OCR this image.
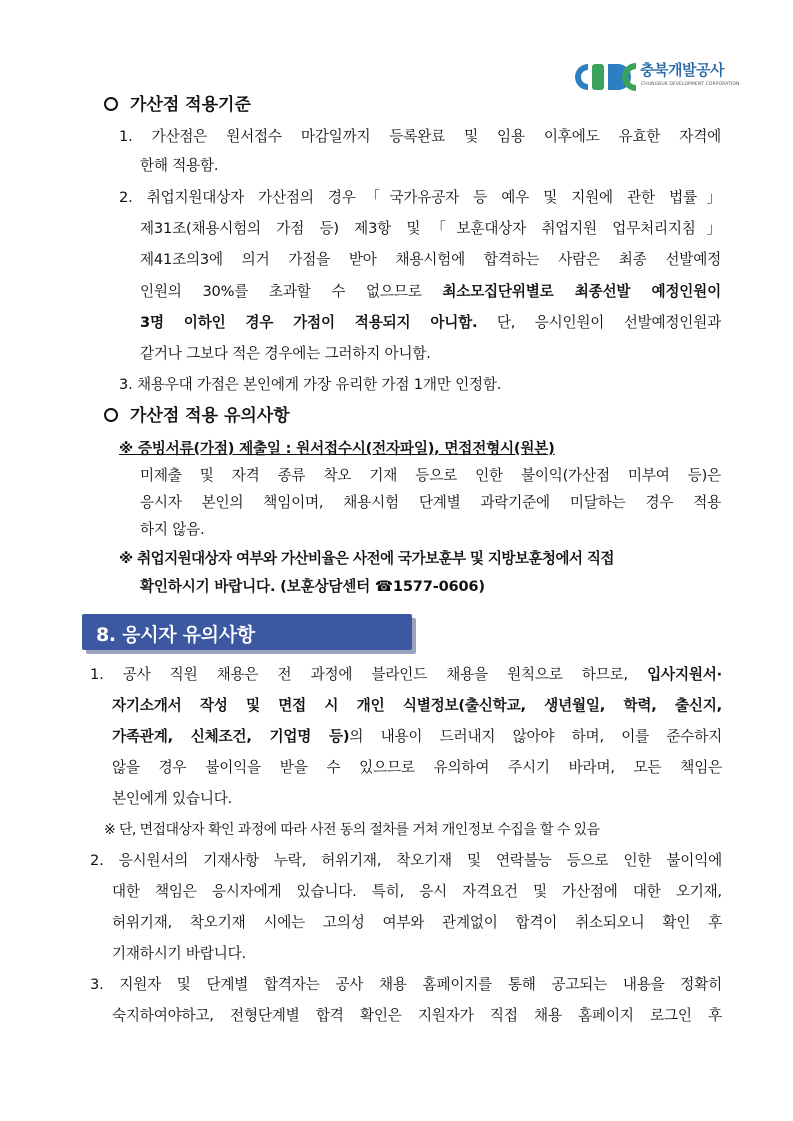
충북개발공사
CHUNGBUK DEVELOPMENT CORPORATION
가산점 적용기준
1. 가산점은 원서접수 마감일까지 등록완료 및 임용 이후에도 유효한 자격에
한해 적용함.
2. 취업지원대상자 가산점의 경우「국가유공자 등 예우 및 지원에 관한 법률」
제31조(채용시험의 가점 등) 제3항 및「보훈대상자 취업지원 업무처리지침」
제41조의3에 의거 가점을 받아 채용시험에 합격하는 사람은 최종 선발예정
인원의 30%를 초과할 수 없으므로 최소모집단위별로 최종선발 예정인원이
3명 이하인 경우 가점이 적용되지 아니함. 단, 응시인원이 선발예정인원과
같거나 그보다 적은 경우에는 그러하지 아니함.
3. 채용우대 가점은 본인에게 가장 유리한 가점 1개만 인정함.
가산점 적용 유의사항
※ 증빙서류(가점) 제출일 : 원서접수시(전자파일), 면접전형시(원본)
미제출 및 자격 종류 착오 기재 등으로 인한 불이익(가산점 미부여 등)은
응시자 본인의 책임이며, 채용시험 단계별 과락기준에 미달하는 경우 적용
하지 않음.
※ 취업지원대상자 여부와 가산비율은 사전에 국가보훈부 및 지방보훈청에서 직접
확인하시기 바랍니다. (보훈상담센터 ☎1577-0606)
8. 응시자 유의사항
1. 공사 직원 채용은 전 과정에 블라인드 채용을 원칙으로 하므로, 입사지원서·
자기소개서 작성 및 면접 시 개인 식별정보(출신학교, 생년월일, 학력, 출신지,
가족관계, 신체조건, 기업명 등)의 내용이 드러내지 않아야 하며, 이를 준수하지
않을 경우 불이익을 받을 수 있으므로 유의하여 주시기 바라며, 모든 책임은
본인에게 있습니다.
※ 단, 면접대상자 확인 과정에 따라 사전 동의 절차를 거쳐 개인정보 수집을 할 수 있음
2. 응시원서의 기재사항 누락, 허위기재, 착오기재 및 연락불능 등으로 인한 불이익에
대한 책임은 응시자에게 있습니다. 특히, 응시 자격요건 및 가산점에 대한 오기재,
허위기재, 착오기재 시에는 고의성 여부와 관계없이 합격이 취소되오니 확인 후
기재하시기 바랍니다.
3. 지원자 및 단계별 합격자는 공사 채용 홈페이지를 통해 공고되는 내용을 정확히
숙지하여야하고, 전형단계별 합격 확인은 지원자가 직접 채용 홈페이지 로그인 후
